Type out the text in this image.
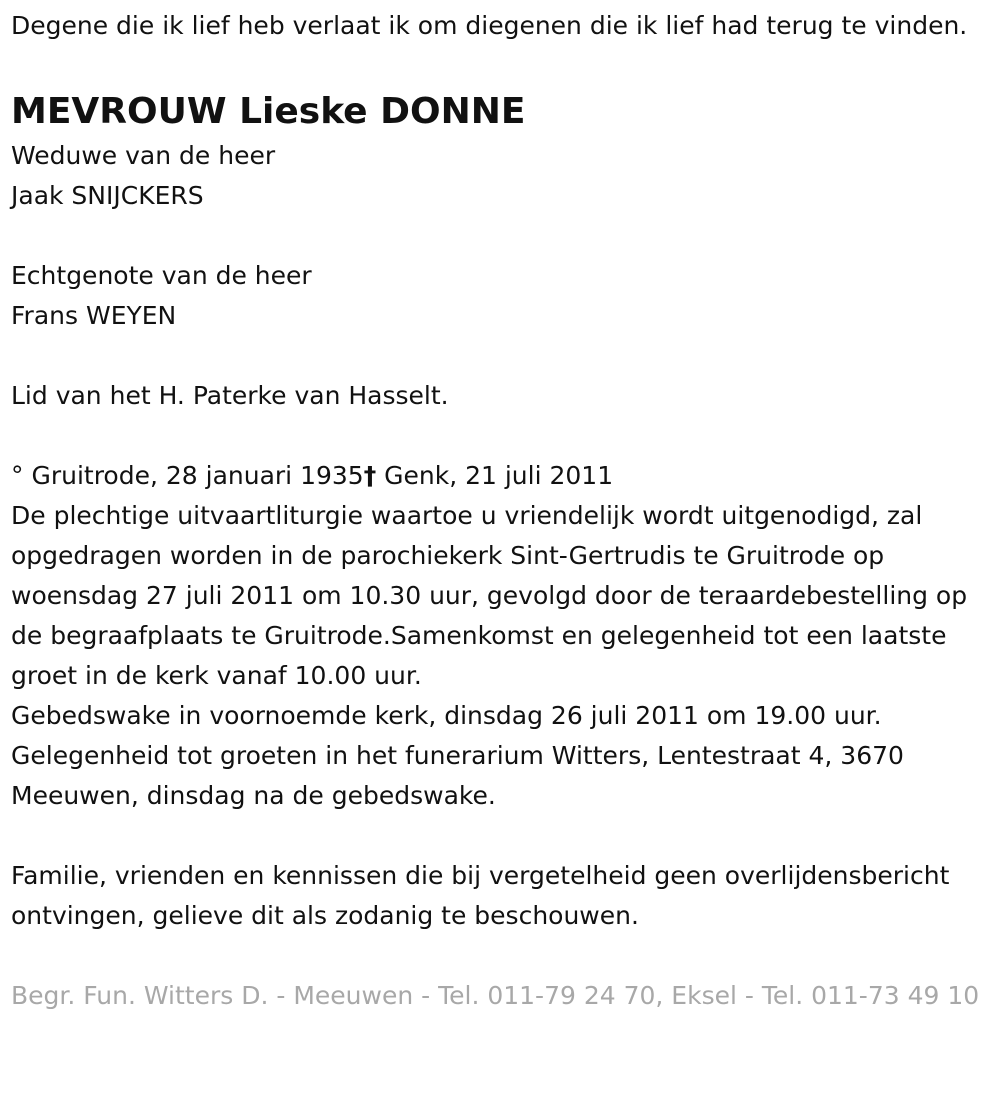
Degene die ik lief heb verlaat ik om diegenen die ik lief had terug te vinden.

MEVROUW Lieske DONNE
Weduwe van de heer
Jaak SNIJCKERS
Echtgenote van de heer
Frans WEYEN
Lid van het H. Paterke van Hasselt.
° Gruitrode, 28 januari 1935† Genk, 21 juli 2011

De plechtige uitvaartliturgie waartoe u vriendelijk wordt uitgenodigd, zal opgedragen worden in de parochiekerk Sint-Gertrudis te Gruitrode op woensdag 27 juli 2011 om 10.30 uur, gevolgd door de teraardebestelling op de begraafplaats te Gruitrode.Samenkomst en gelegenheid tot een laatste groet in de kerk vanaf 10.00 uur.

Gebedswake in voornoemde kerk, dinsdag 26 juli 2011 om 19.00 uur.

Gelegenheid tot groeten in het funerarium Witters, Lentestraat 4, 3670 Meeuwen, dinsdag na de gebedswake.

Familie, vrienden en kennissen die bij vergetelheid geen overlijdensbericht ontvingen, gelieve dit als zodanig te beschouwen.

Begr. Fun. Witters D. - Meeuwen - Tel. 011-79 24 70, Eksel - Tel. 011-73 49 10
